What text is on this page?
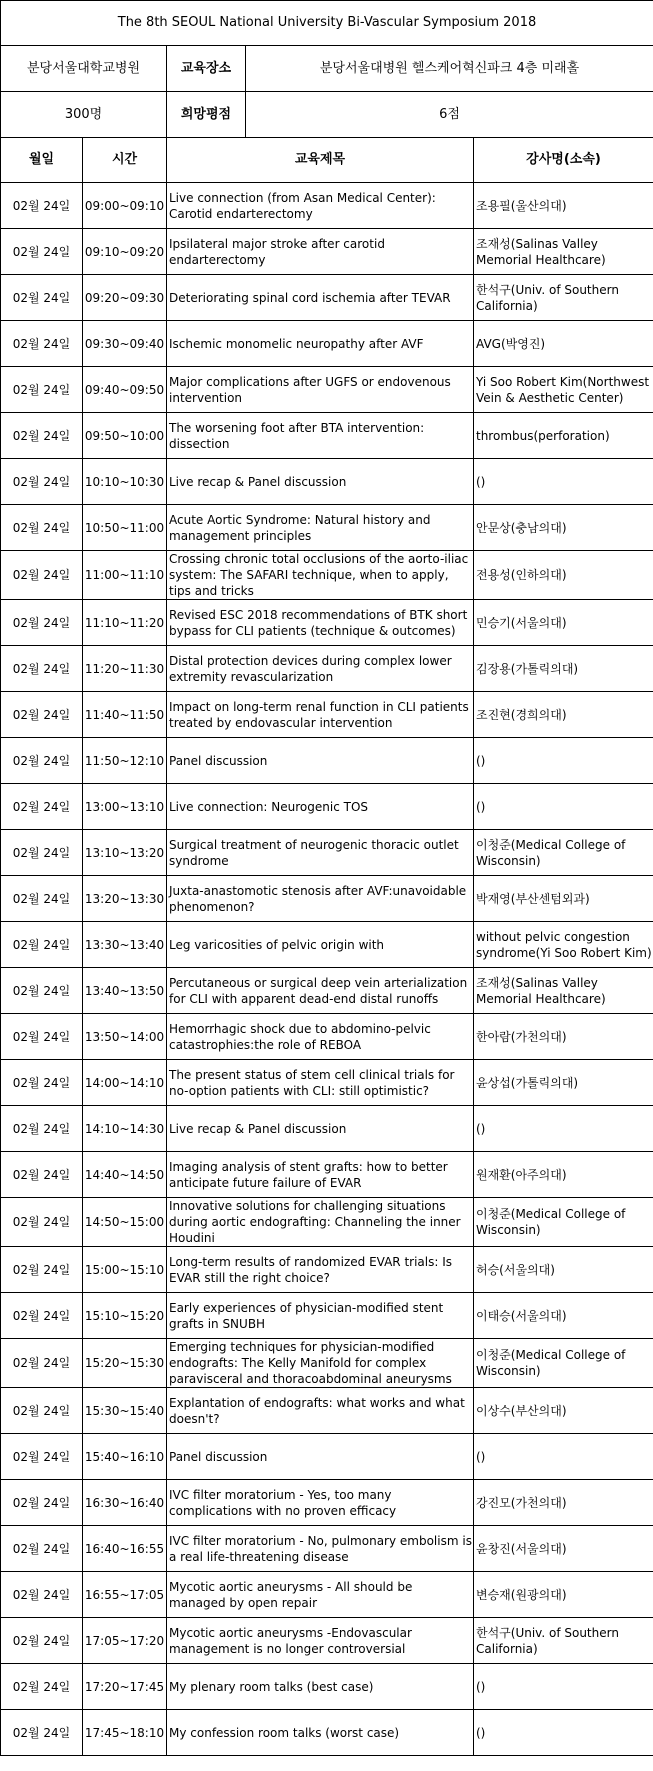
The 8th SEOUL National University Bi-Vascular Symposium 2018			
분당서울대학교병원		교육장소 분당서울대병원 헬스케어혁신파크 4층 미래홀	

300명		희망평점 6점	

월일	시간	교육제목	강사명(소속)
02월 24일	09:00~09:10	Live connection (from Asan Medical Center): Carotid endarterectomy	조용필(울산의대)
02월 24일	09:10~09:20	Ipsilateral major stroke after carotid endarterectomy	조재성(Salinas Valley Memorial Healthcare)
02월 24일	09:20~09:30	Deteriorating spinal cord ischemia after TEVAR	한석구(Univ. of Southern California)
02월 24일	09:30~09:40	Ischemic monomelic neuropathy after AVF	AVG(박영진)
02월 24일	09:40~09:50	Major complications after UGFS or endovenous intervention	Yi Soo Robert Kim(Northwest Vein & Aesthetic Center)
02월 24일	09:50~10:00	The worsening foot after BTA intervention: dissection	thrombus(perforation)
02월 24일	10:10~10:30	Live recap & Panel discussion	()
02월 24일	10:50~11:00	Acute Aortic Syndrome: Natural history and management principles	안문상(충남의대)
02월 24일	11:00~11:10	Crossing chronic total occlusions of the aorto-iliac system: The SAFARI technique, when to apply, tips and tricks	전용성(인하의대)
02월 24일	11:10~11:20	Revised ESC 2018 recommendations of BTK short bypass for CLI patients (technique & outcomes)	민승기(서울의대)
02월 24일	11:20~11:30	Distal protection devices during complex lower extremity revascularization	김장용(가톨릭의대)
02월 24일	11:40~11:50	Impact on long-term renal function in CLI patients treated by endovascular intervention	조진현(경희의대)
02월 24일	11:50~12:10	Panel discussion	()
02월 24일	13:00~13:10	Live connection: Neurogenic TOS	()
02월 24일	13:10~13:20	Surgical treatment of neurogenic thoracic outlet syndrome	이청준(Medical College of Wisconsin)
02월 24일	13:20~13:30	Juxta-anastomotic stenosis after AVF:unavoidable phenomenon?	박재영(부산센텀외과)
02월 24일	13:30~13:40	Leg varicosities of pelvic origin with	without pelvic congestion syndrome(Yi Soo Robert Kim)
02월 24일	13:40~13:50	Percutaneous or surgical deep vein arterialization for CLI with apparent dead-end distal runoffs	조재성(Salinas Valley Memorial Healthcare)
02월 24일	13:50~14:00	Hemorrhagic shock due to abdomino-pelvic catastrophies:the role of REBOA	한아람(가천의대)
02월 24일	14:00~14:10	The present status of stem cell clinical trials for no-option patients with CLI: still optimistic?	윤상섭(가톨릭의대)
02월 24일	14:10~14:30	Live recap & Panel discussion	()
02월 24일	14:40~14:50	Imaging analysis of stent grafts: how to better anticipate future failure of EVAR	원재환(아주의대)
02월 24일	14:50~15:00	Innovative solutions for challenging situations during aortic endografting: Channeling the inner Houdini	이청준(Medical College of Wisconsin)
02월 24일	15:00~15:10	Long-term results of randomized EVAR trials: Is EVAR still the right choice?	허승(서울의대)
02월 24일	15:10~15:20	Early experiences of physician-modified stent grafts in SNUBH	이태승(서울의대)
02월 24일	15:20~15:30	Emerging techniques for physician-modified endografts: The Kelly Manifold for complex paravisceral and thoracoabdominal aneurysms	이청준(Medical College of Wisconsin)
02월 24일	15:30~15:40	Explantation of endografts: what works and what doesn't?	이상수(부산의대)
02월 24일	15:40~16:10	Panel discussion	()
02월 24일	16:30~16:40	IVC filter moratorium - Yes, too many complications with no proven efficacy	강진모(가천의대)
02월 24일	16:40~16:55	IVC filter moratorium - No, pulmonary embolism is a real life-threatening disease	윤창진(서울의대)
02월 24일	16:55~17:05	Mycotic aortic aneurysms - All should be managed by open repair	변승재(원광의대)
02월 24일	17:05~17:20	Mycotic aortic aneurysms -Endovascular management is no longer controversial	한석구(Univ. of Southern California)
02월 24일	17:20~17:45	My plenary room talks (best case)	()
02월 24일	17:45~18:10	My confession room talks (worst case)	()
